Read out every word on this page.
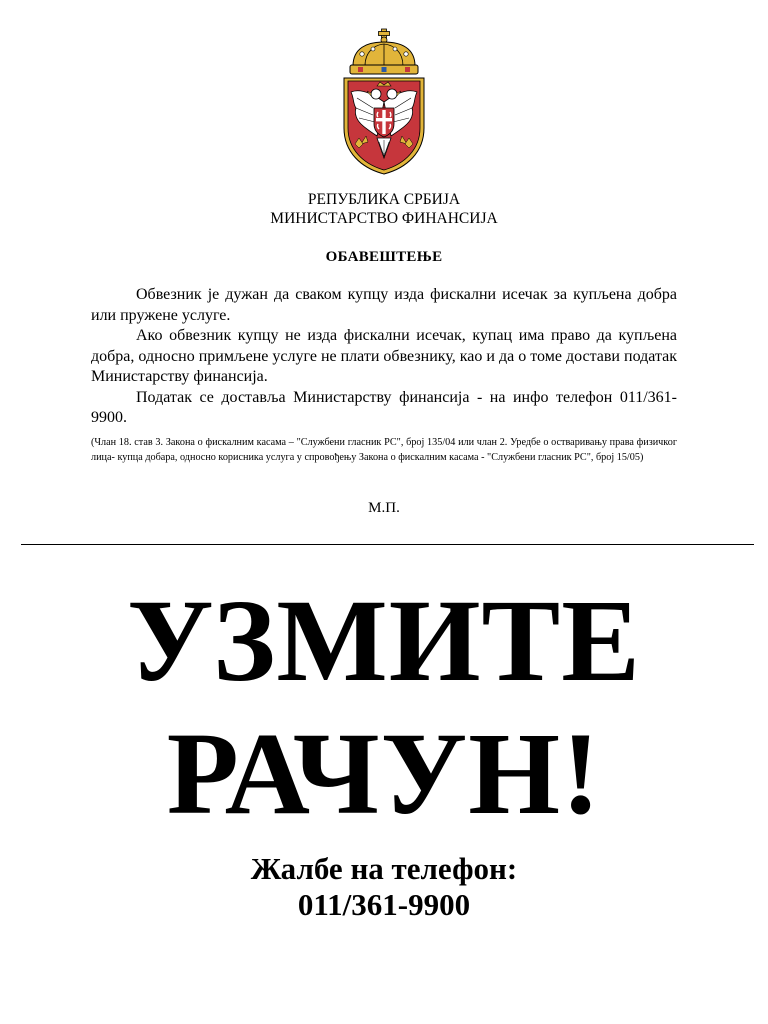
РЕПУБЛИКА СРБИЈА
МИНИСТАРСТВО ФИНАНСИЈА
ОБАВЕШТЕЊЕ

Обвезник је дужан да сваком купцу изда фискални исечак за купљена добра или пружене услуге.

Ако обвезник купцу не изда фискални исечак, купац има право да купљена добра, односно примљене услуге не плати обвезнику, као и да о томе достави податак Министарству финансија.

Податак се доставља Министарству финансија - на инфо телефон 011/361-9900.

(Члан 18. став 3. Закона о фискалним касама – "Службени гласник РС", број 135/04 или члан 2. Уредбе о остваривању права физичког лица- купца добара, односно корисника услуга у спровођењу Закона о фискалним касама - "Службени гласник РС", број 15/05)
М.П.
УЗМИТЕ
РАЧУН!
Жалбе на телефон:
011/361-9900
